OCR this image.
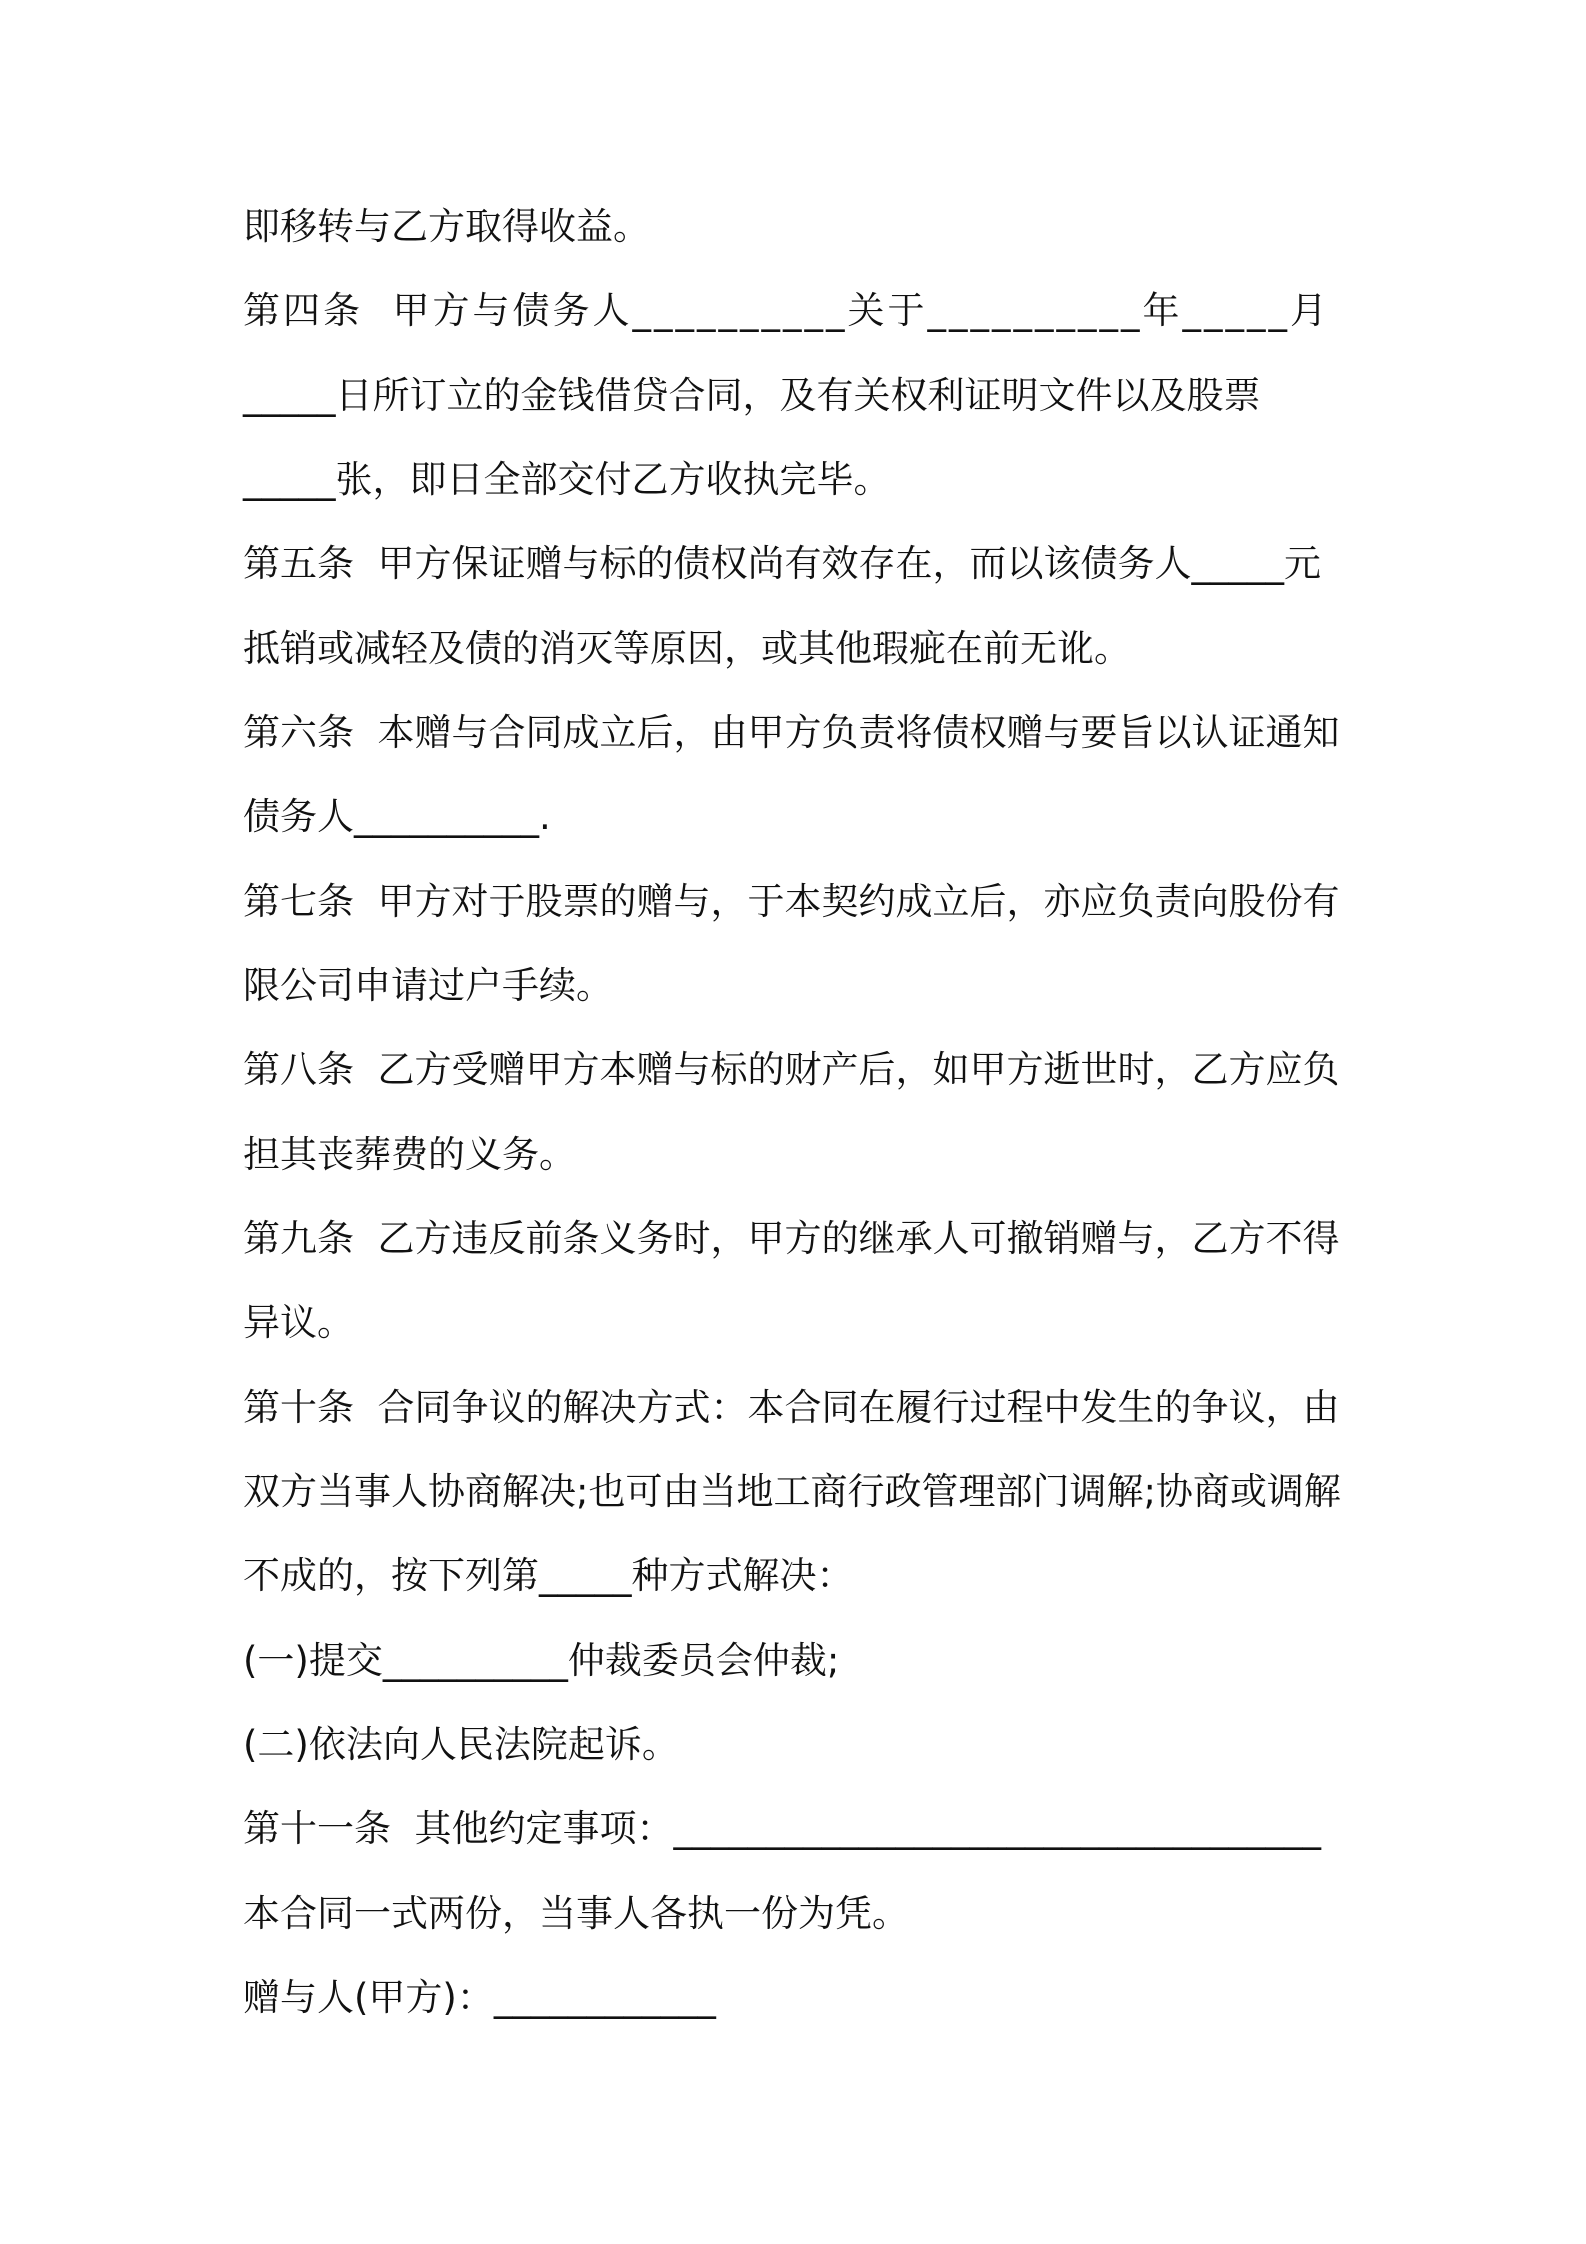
即移转与乙方取得收益。
第四条  甲方与债务人__________关于__________年_____月
_____日所订立的金钱借贷合同，及有关权利证明文件以及股票
_____张，即日全部交付乙方收执完毕。
第五条  甲方保证赠与标的债权尚有效存在，而以该债务人_____元
抵销或减轻及债的消灭等原因，或其他瑕疵在前无讹。
第六条  本赠与合同成立后，由甲方负责将债权赠与要旨以认证通知
债务人__________.
第七条  甲方对于股票的赠与，于本契约成立后，亦应负责向股份有
限公司申请过户手续。
第八条  乙方受赠甲方本赠与标的财产后，如甲方逝世时，乙方应负
担其丧葬费的义务。
第九条  乙方违反前条义务时，甲方的继承人可撤销赠与，乙方不得
异议。
第十条  合同争议的解决方式：本合同在履行过程中发生的争议，由
双方当事人协商解决;也可由当地工商行政管理部门调解;协商或调解
不成的，按下列第_____种方式解决：
(一)提交__________仲裁委员会仲裁;
(二)依法向人民法院起诉。
第十一条  其他约定事项：___________________________________
本合同一式两份，当事人各执一份为凭。
赠与人(甲方)：____________
